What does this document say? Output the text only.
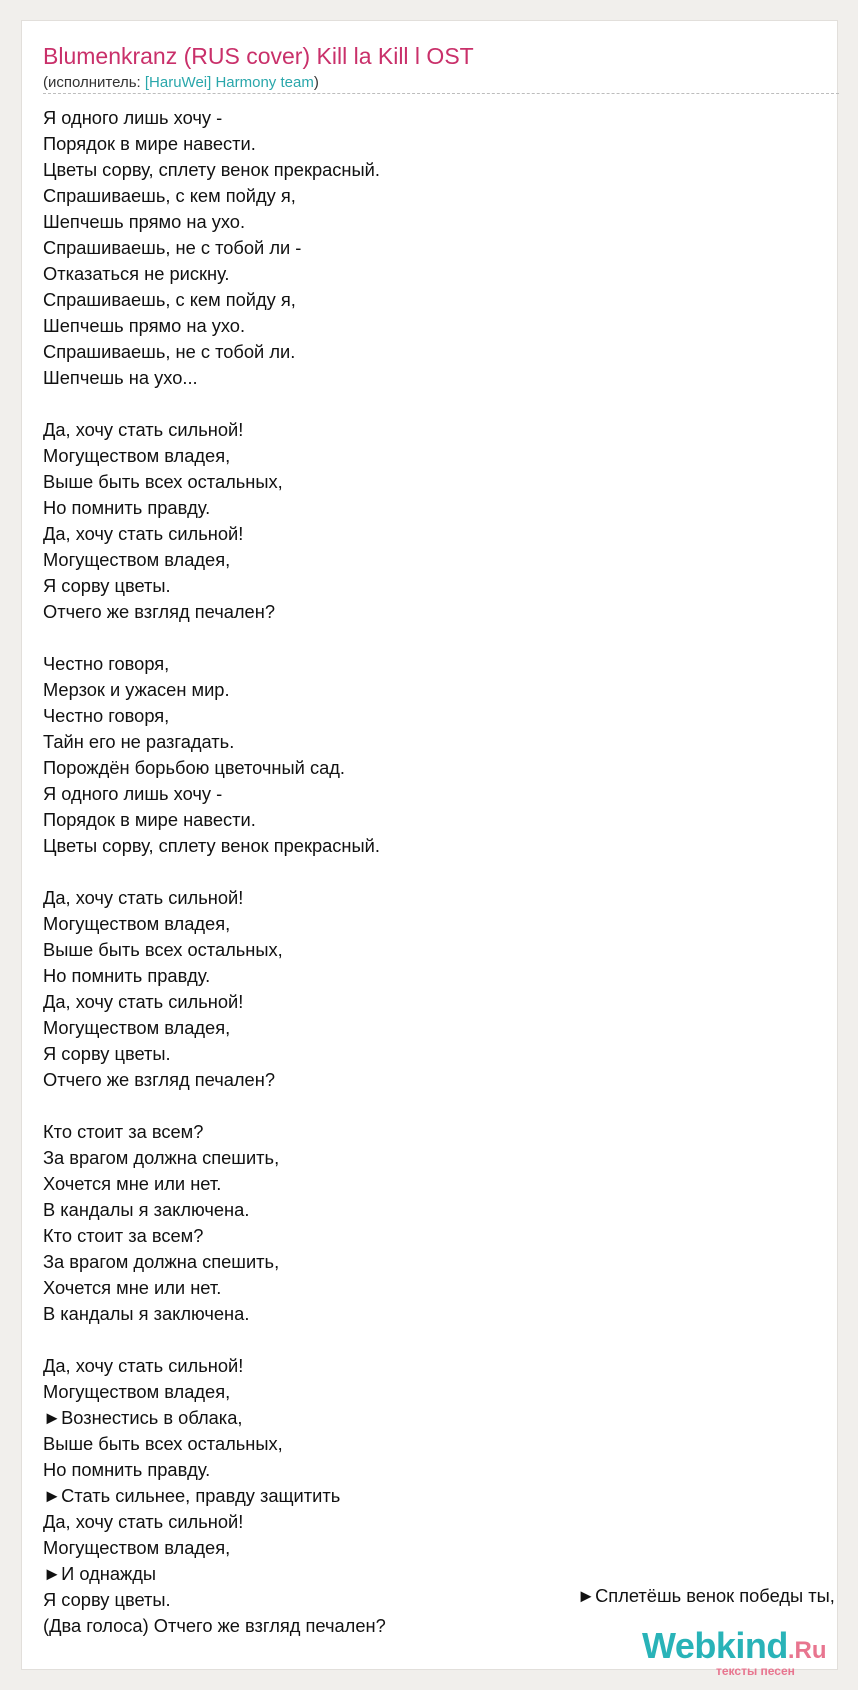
Blumenkranz (RUS cover) Kill la Kill l OST
(исполнитель: [HaruWei] Harmony team)
Я одного лишь хочу -
Порядок в мире навести.
Цветы сорву, сплету венок прекрасный.
Спрашиваешь, с кем пойду я,
Шепчешь прямо на ухо.
Спрашиваешь, не с тобой ли -
Отказаться не рискну.
Спрашиваешь, с кем пойду я,
Шепчешь прямо на ухо.
Спрашиваешь, не с тобой ли.
Шепчешь на ухо...
Да, хочу стать сильной!
Могуществом владея,
Выше быть всех остальных,
Но помнить правду.
Да, хочу стать сильной!
Могуществом владея,
Я сорву цветы.
Отчего же взгляд печален?
Честно говоря,
Мерзок и ужасен мир.
Честно говоря,
Тайн его не разгадать.
Порождён борьбою цветочный сад.
Я одного лишь хочу -
Порядок в мире навести.
Цветы сорву, сплету венок прекрасный.
Да, хочу стать сильной!
Могуществом владея,
Выше быть всех остальных,
Но помнить правду.
Да, хочу стать сильной!
Могуществом владея,
Я сорву цветы.
Отчего же взгляд печален?
Кто стоит за всем?
За врагом должна спешить,
Хочется мне или нет.
В кандалы я заключена.
Кто стоит за всем?
За врагом должна спешить,
Хочется мне или нет.
В кандалы я заключена.
Да, хочу стать сильной!
Могуществом владея,
►Вознестись в облака,
Выше быть всех остальных,
Но помнить правду.
►Стать сильнее, правду защитить
Да, хочу стать сильной!
Могуществом владея,
►И однажды
Я сорву цветы.
(Два голоса) Отчего же взгляд печален?
►Сплетёшь венок победы ты,
Webkind.Ru
тексты песен
